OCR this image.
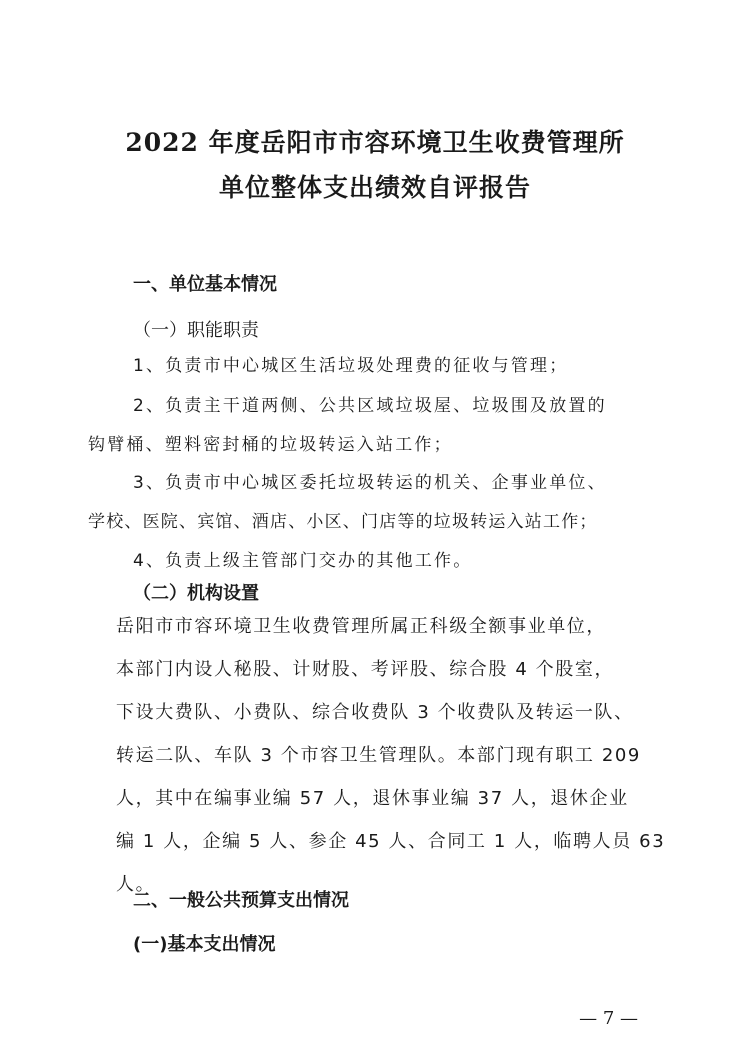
2022 年度岳阳市市容环境卫生收费管理所
单位整体支出绩效自评报告
一、单位基本情况
（一）职能职责
1、负责市中心城区生活垃圾处理费的征收与管理；
2、负责主干道两侧、公共区域垃圾屋、垃圾围及放置的
钩臂桶、塑料密封桶的垃圾转运入站工作；
3、负责市中心城区委托垃圾转运的机关、企事业单位、
学校、医院、宾馆、酒店、小区、门店等的垃圾转运入站工作；
4、负责上级主管部门交办的其他工作。
（二）机构设置
岳阳市市容环境卫生收费管理所属正科级全额事业单位，
本部门内设人秘股、计财股、考评股、综合股 4 个股室，
下设大费队、小费队、综合收费队 3 个收费队及转运一队、
转运二队、车队 3 个市容卫生管理队。本部门现有职工 209
人，其中在编事业编 57 人，退休事业编 37 人，退休企业
编 1 人，企编 5 人、参企 45 人、合同工 1 人，临聘人员 63
人。
二、一般公共预算支出情况
(一)基本支出情况
— 7 —
